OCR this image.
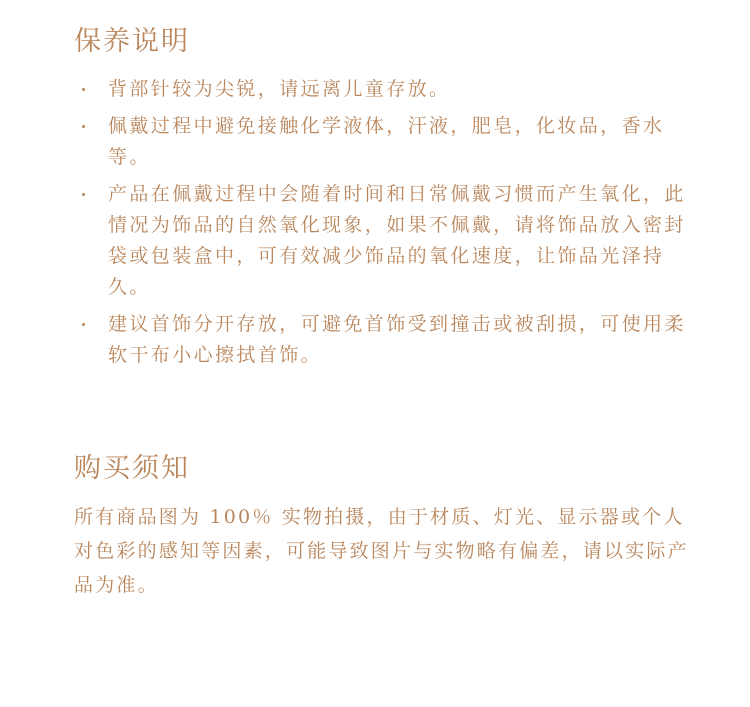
保养说明
背部针较为尖锐，请远离儿童存放。
佩戴过程中避免接触化学液体，汗液，肥皂，化妆品，香水等。
产品在佩戴过程中会随着时间和日常佩戴习惯而产生氧化，此情况为饰品的自然氧化现象，如果不佩戴，请将饰品放入密封袋或包装盒中，可有效减少饰品的氧化速度，让饰品光泽持久。
建议首饰分开存放，可避免首饰受到撞击或被刮损，可使用柔软干布小心擦拭首饰。
购买须知

所有商品图为 100％ 实物拍摄，由于材质、灯光、显示器或个人对色彩的感知等因素，可能导致图片与实物略有偏差，请以实际产品为准。
